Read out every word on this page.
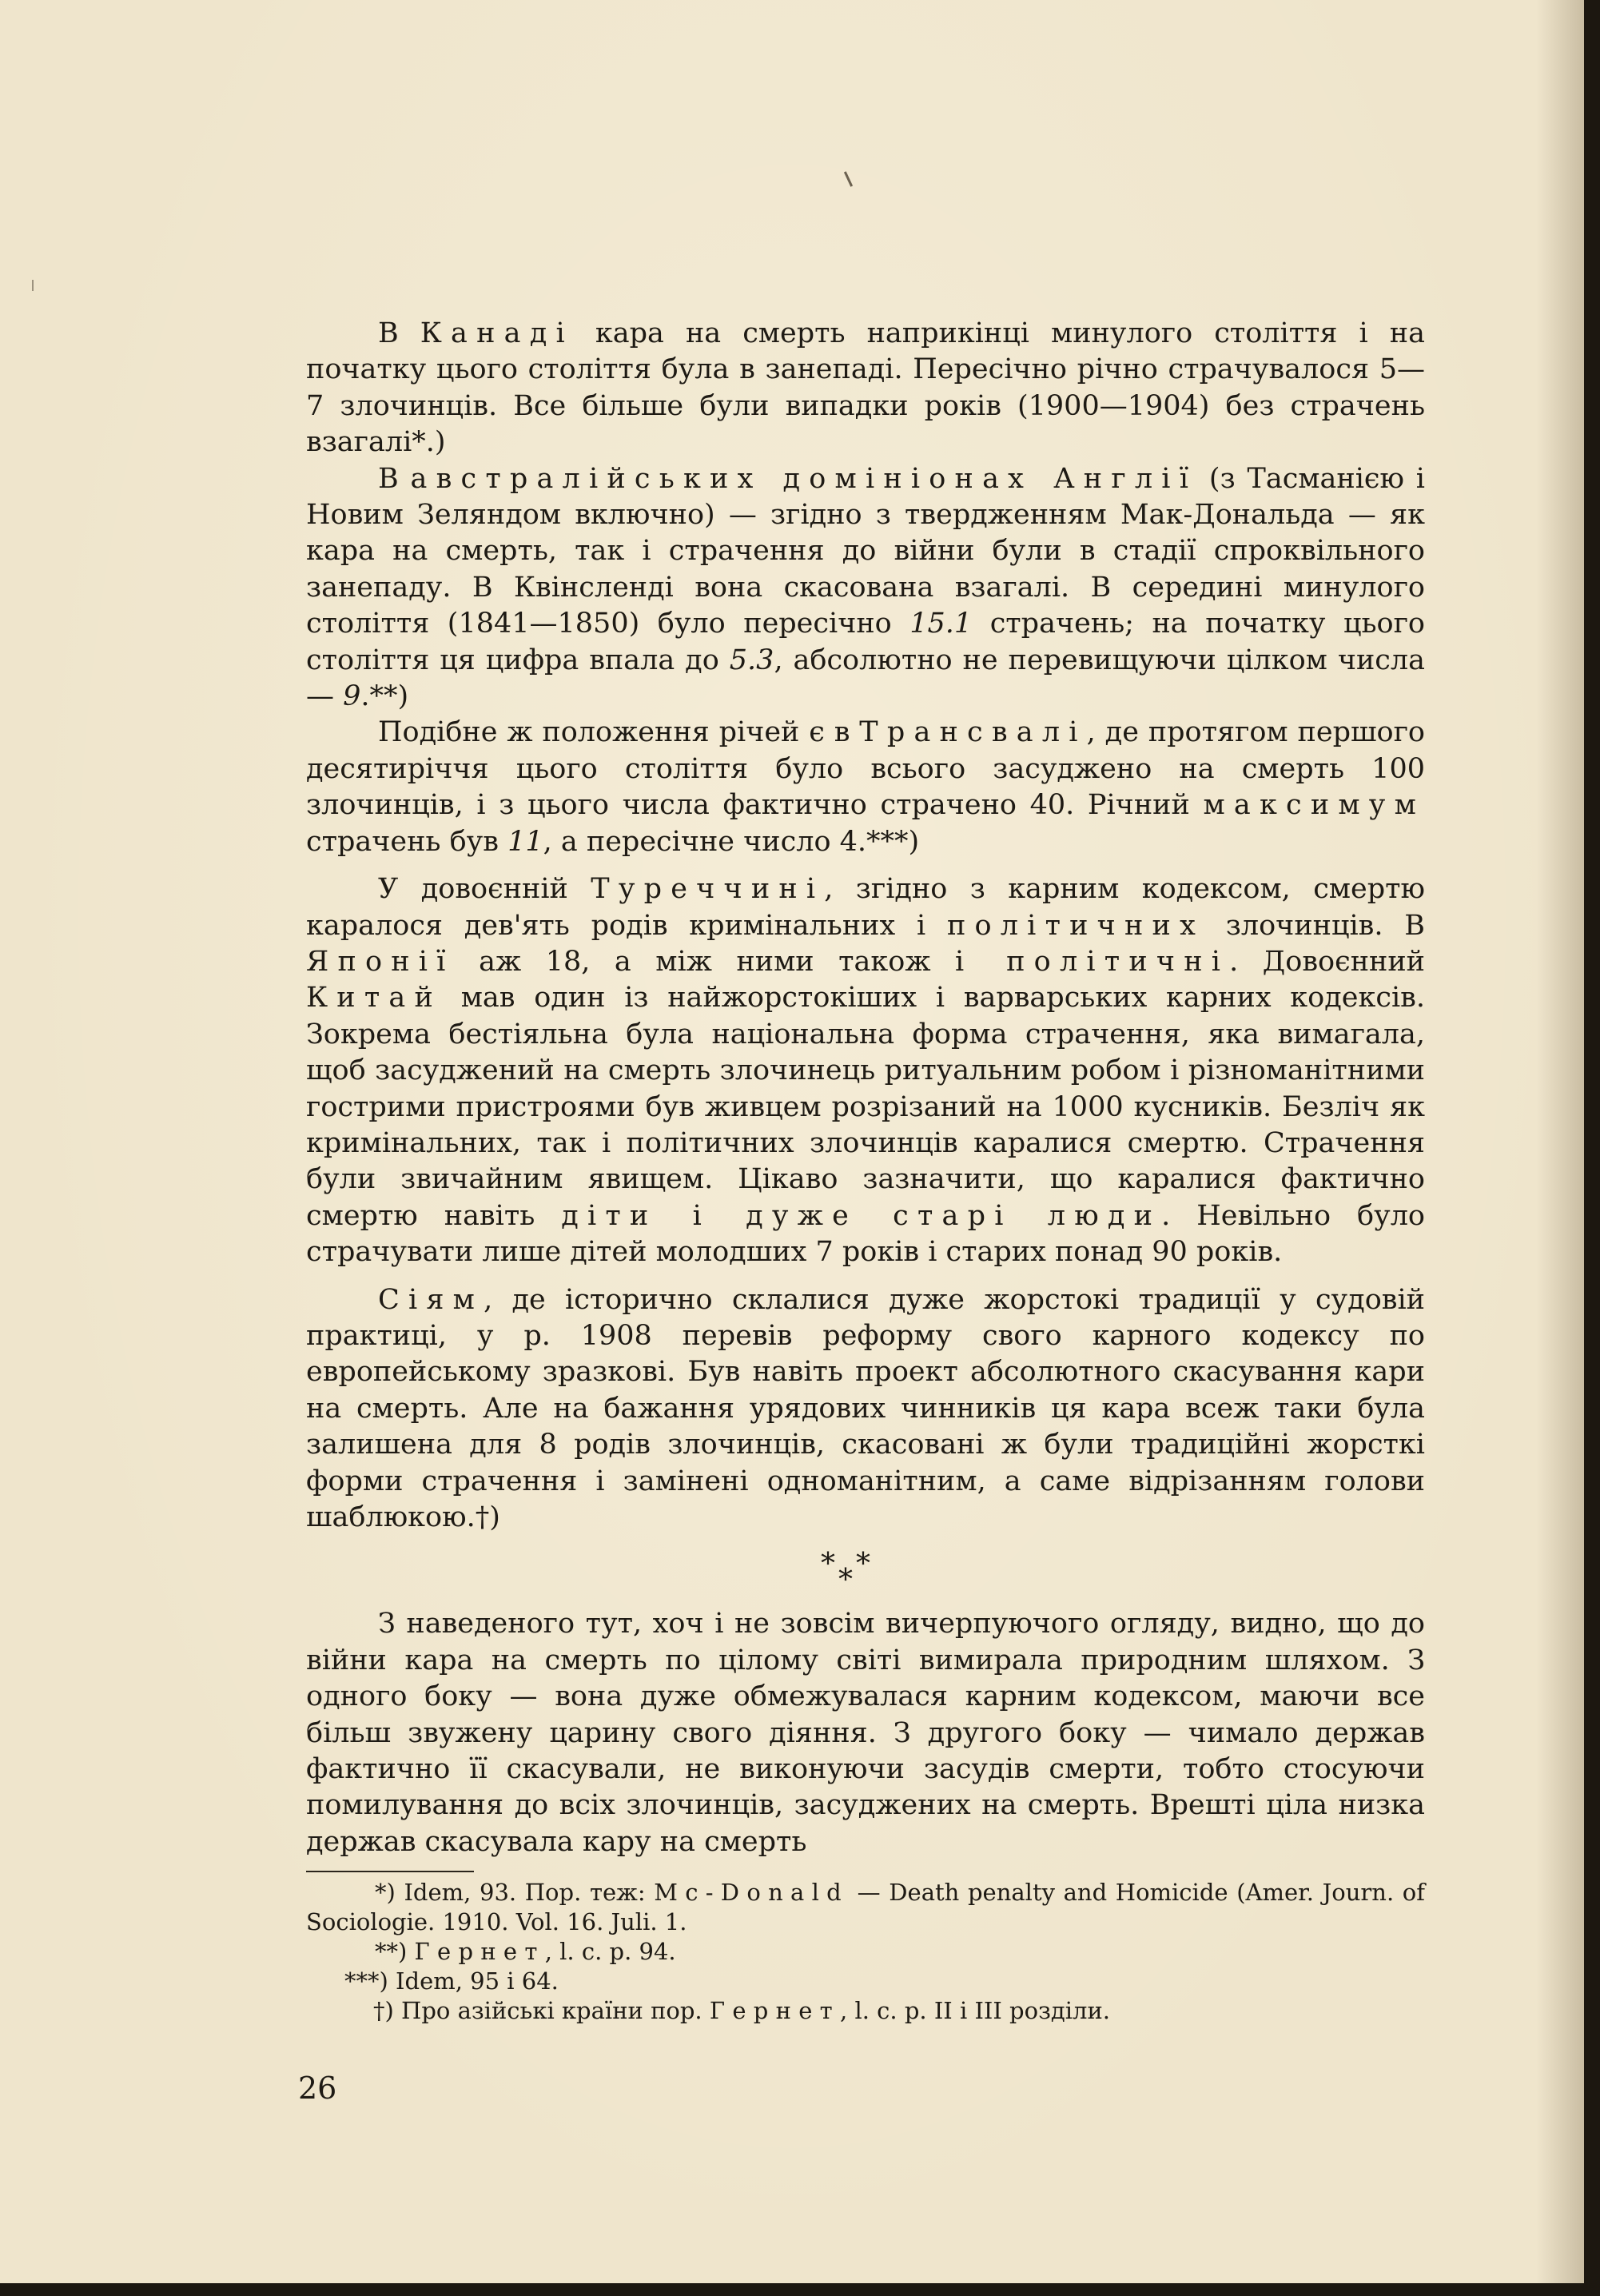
В Канаді кара на смерть наприкінці минулого століття і на початку цього століття була в занепаді. Пересічно річно страчувалося 5—7 злочинців. Все більше були випадки років (1900—1904) без страчень взагалі*.)

В австралійських домініонах Англії (з Тасманією і Новим Зеляндом включно) — згідно з твердженням Мак-Дональда — як кара на смерть, так і страчення до війни були в стадії спроквільного занепаду. В Квінсленді вона скасована взагалі. В середині минулого століття (1841—1850) було пересічно 15.1 страчень; на початку цього століття ця цифра впала до 5.3, абсолютно не перевищуючи цілком числа — 9.**)

Подібне ж положення річей є в Трансвалі, де протягом першого десятиріччя цього століття було всього засуджено на смерть 100 злочинців, і з цього числа фактично страчено 40. Річний максимум страчень був 11, а пересічне число 4.***)

У довоєнній Туреччині, згідно з карним кодексом, смертю каралося дев'ять родів кримінальних і політичних злочинців. В Японії аж 18, а між ними також і політичні. Довоєнний Китай мав один із найжорстокіших і варварських карних кодексів. Зокрема бестіяльна була національна форма страчення, яка вимагала, щоб засуджений на смерть злочинець ритуальним робом і різноманітними гострими пристроями був живцем розрізаний на 1000 кусників. Безліч як кримінальних, так і політичних злочинців каралися смертю. Страчення були звичайним явищем. Цікаво зазначити, що каралися фактично смертю навіть діти і дуже старі люди. Невільно було страчувати лише дітей молодших 7 років і старих понад 90 років.

Сіям, де історично склалися дуже жорстокі традиції у судовій практиці, у р. 1908 перевів реформу свого карного кодексу по европейському зразкові. Був навіть проект абсолютного скасування кари на смерть. Але на бажання урядових чинників ця кара всеж таки була залишена для 8 родів злочинців, скасовані ж були традиційні жорсткі форми страчення і замінені одноманітним, а саме відрізанням голови шаблюкою.†)

* *
*

З наведеного тут, хоч і не зовсім вичерпуючого огляду, видно, що до війни кара на смерть по цілому світі вимирала природним шляхом. З одного боку — вона дуже обмежувалася карним кодексом, маючи все більш звужену царину свого діяння. З другого боку — чимало держав фактично її скасували, не виконуючи засудів смерти, тобто стосуючи помилування до всіх злочинців, засуджених на смерть. Врешті ціла низка держав скасувала кару на смерть

*) Idem, 93. Пор. теж: Mc-Donald — Death penalty and Homicide (Amer. Journ. of Sociologie. 1910. Vol. 16. Juli. 1.
**) Гернет, l. c. p. 94.
***) Idem, 95 і 64.
†) Про азійські країни пор. Гернет, l. c. p. II і III розділи.
26
